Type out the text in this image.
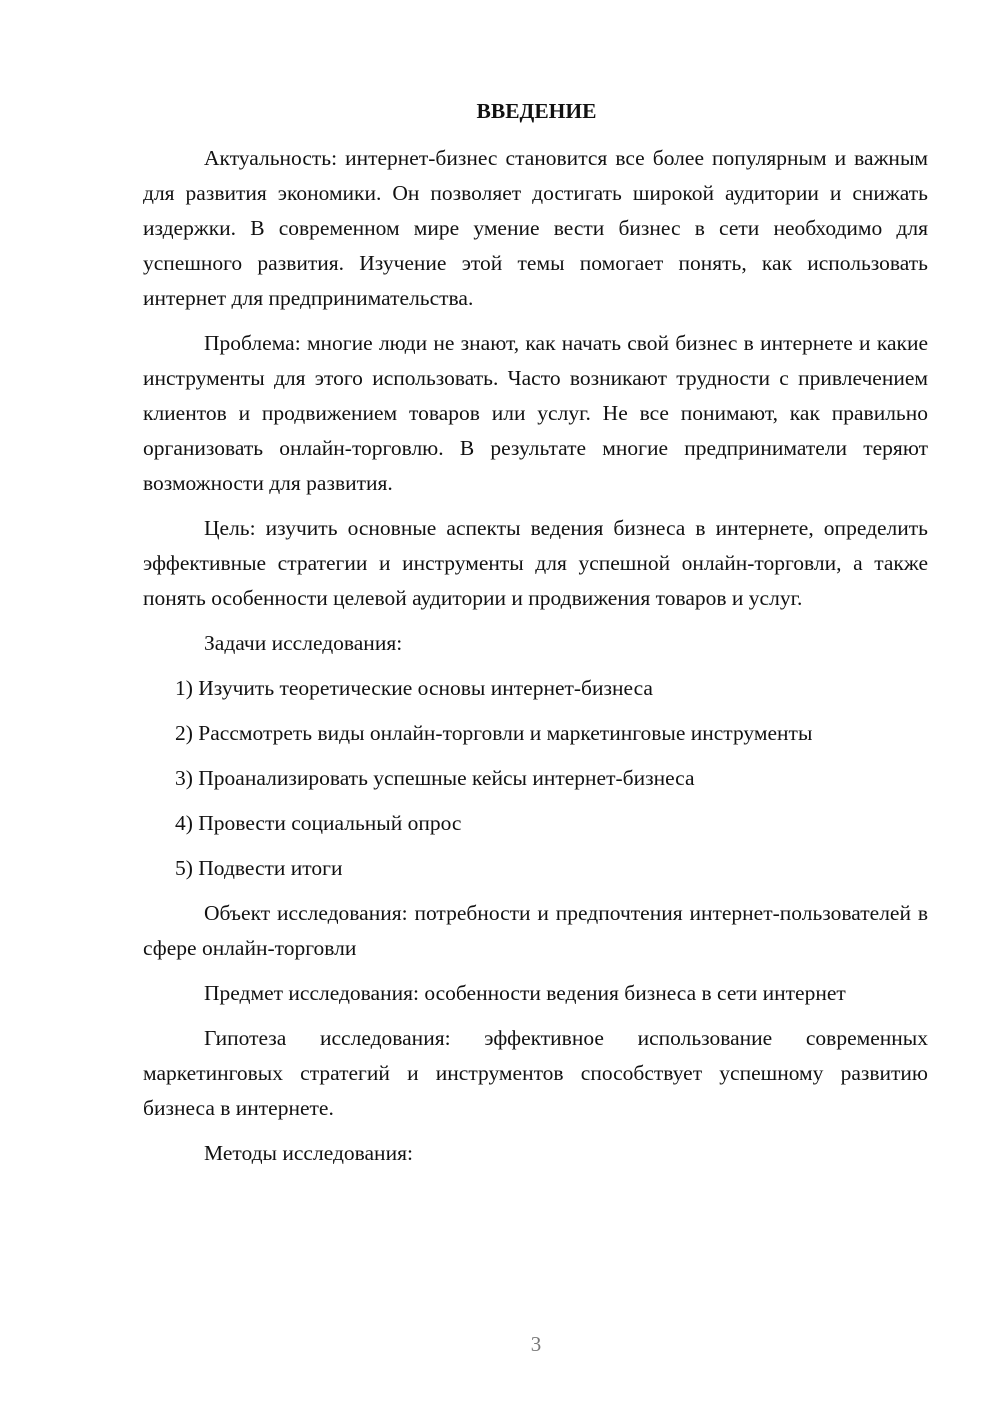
ВВЕДЕНИЕ

Актуальность: интернет-бизнес становится все более популярным и важным для развития экономики. Он позволяет достигать широкой аудитории и снижать издержки. В современном мире умение вести бизнес в сети необходимо для успешного развития. Изучение этой темы помогает понять, как использовать интернет для предпринимательства.

Проблема: многие люди не знают, как начать свой бизнес в интернете и какие инструменты для этого использовать. Часто возникают трудности с привлечением клиентов и продвижением товаров или услуг. Не все понимают, как правильно организовать онлайн-торговлю. В результате многие предприниматели теряют возможности для развития.

Цель: изучить основные аспекты ведения бизнеса в интернете, определить эффективные стратегии и инструменты для успешной онлайн-торговли, а также понять особенности целевой аудитории и продвижения товаров и услуг.

Задачи исследования:

1) Изучить теоретические основы интернет-бизнеса

2) Рассмотреть виды онлайн-торговли и маркетинговые инструменты

3) Проанализировать успешные кейсы интернет-бизнеса

4) Провести социальный опрос

5) Подвести итоги

Объект исследования: потребности и предпочтения интернет-пользователей в сфере онлайн-торговли

Предмет исследования: особенности ведения бизнеса в сети интернет

Гипотеза исследования: эффективное использование современных маркетинговых стратегий и инструментов способствует успешному развитию бизнеса в интернете.

Методы исследования:

3
